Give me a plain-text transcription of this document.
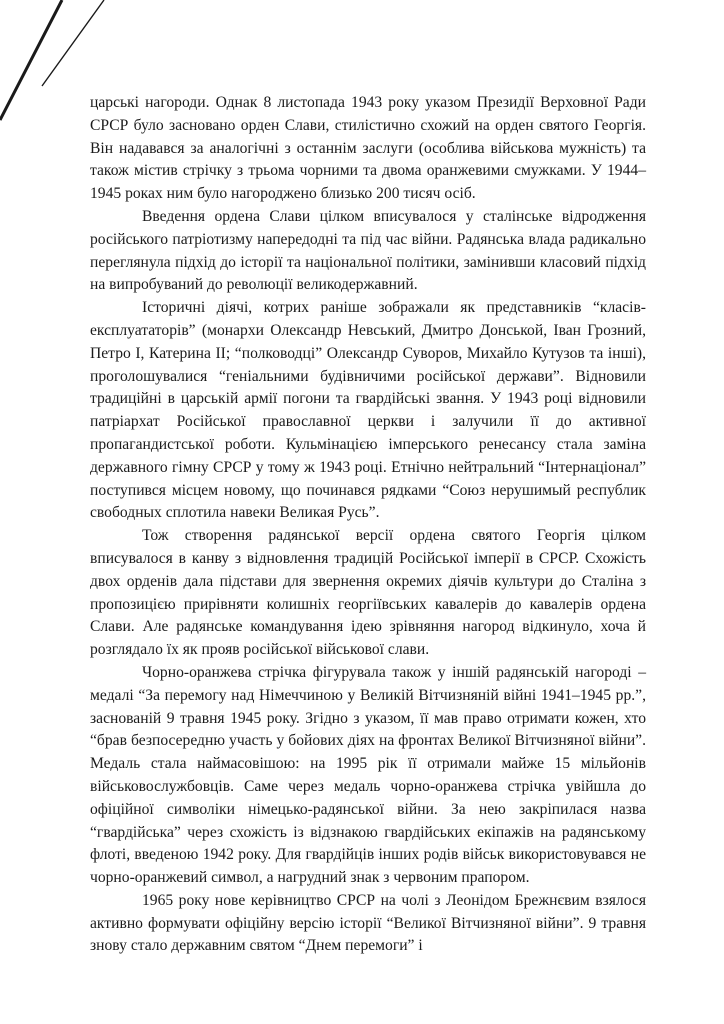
царські нагороди. Однак 8 листопада 1943 року указом Президії Верховної Ради СРСР було засновано орден Слави, стилістично схожий на орден святого Георгія. Він надавався за аналогічні з останнім заслуги (особлива військова мужність) та також містив стрічку з трьома чорними та двома оранжевими смужками. У 1944–1945 роках ним було нагороджено близько 200 тисяч осіб.

Введення ордена Слави цілком вписувалося у сталінське відродження російського патріотизму напередодні та під час війни. Радянська влада радикально переглянула підхід до історії та національної політики, замінивши класовий підхід на випробуваний до революції великодержавний.

Історичні діячі, котрих раніше зображали як представників “класів-експлуататорів” (монархи Олександр Невський, Дмитро Донськой, Іван Грозний, Петро І, Катерина ІІ; “полководці” Олександр Суворов, Михайло Кутузов та інші), проголошувалися “геніальними будівничими російської держави”. Відновили традиційні в царській армії погони та гвардійські звання. У 1943 році відновили патріархат Російської православної церкви і залучили її до активної пропагандистської роботи. Кульмінацією імперського ренесансу стала заміна державного гімну СРСР у тому ж 1943 році. Етнічно нейтральний “Інтернаціонал” поступився місцем новому, що починався рядками “Союз нерушимый республик свободных сплотила навеки Великая Русь”.

Тож створення радянської версії ордена святого Георгія цілком вписувалося в канву з відновлення традицій Російської імперії в СРСР. Схожість двох орденів дала підстави для звернення окремих діячів культури до Сталіна з пропозицією прирівняти колишніх георгіївських кавалерів до кавалерів ордена Слави. Але радянське командування ідею зрівняння нагород відкинуло, хоча й розглядало їх як прояв російської військової слави.

Чорно-оранжева стрічка фігурувала також у іншій радянській нагороді – медалі “За перемогу над Німеччиною у Великій Вітчизняній війні 1941–1945 рр.”, заснованій 9 травня 1945 року. Згідно з указом, її мав право отримати кожен, хто “брав безпосередню участь у бойових діях на фронтах Великої Вітчизняної війни”. Медаль стала наймасовішою: на 1995 рік її отримали майже 15 мільйонів військовослужбовців. Саме через медаль чорно-оранжева стрічка увійшла до офіційної символіки німецько-радянської війни. За нею закріпилася назва “гвардійська” через схожість із відзнакою гвардійських екіпажів на радянському флоті, введеною 1942 року. Для гвардійців інших родів військ використовувався не чорно-оранжевий символ, а нагрудний знак з червоним прапором.

1965 року нове керівництво СРСР на чолі з Леонідом Брежнєвим взялося активно формувати офіційну версію історії “Великої Вітчизняної війни”. 9 травня знову стало державним святом “Днем перемоги” і
